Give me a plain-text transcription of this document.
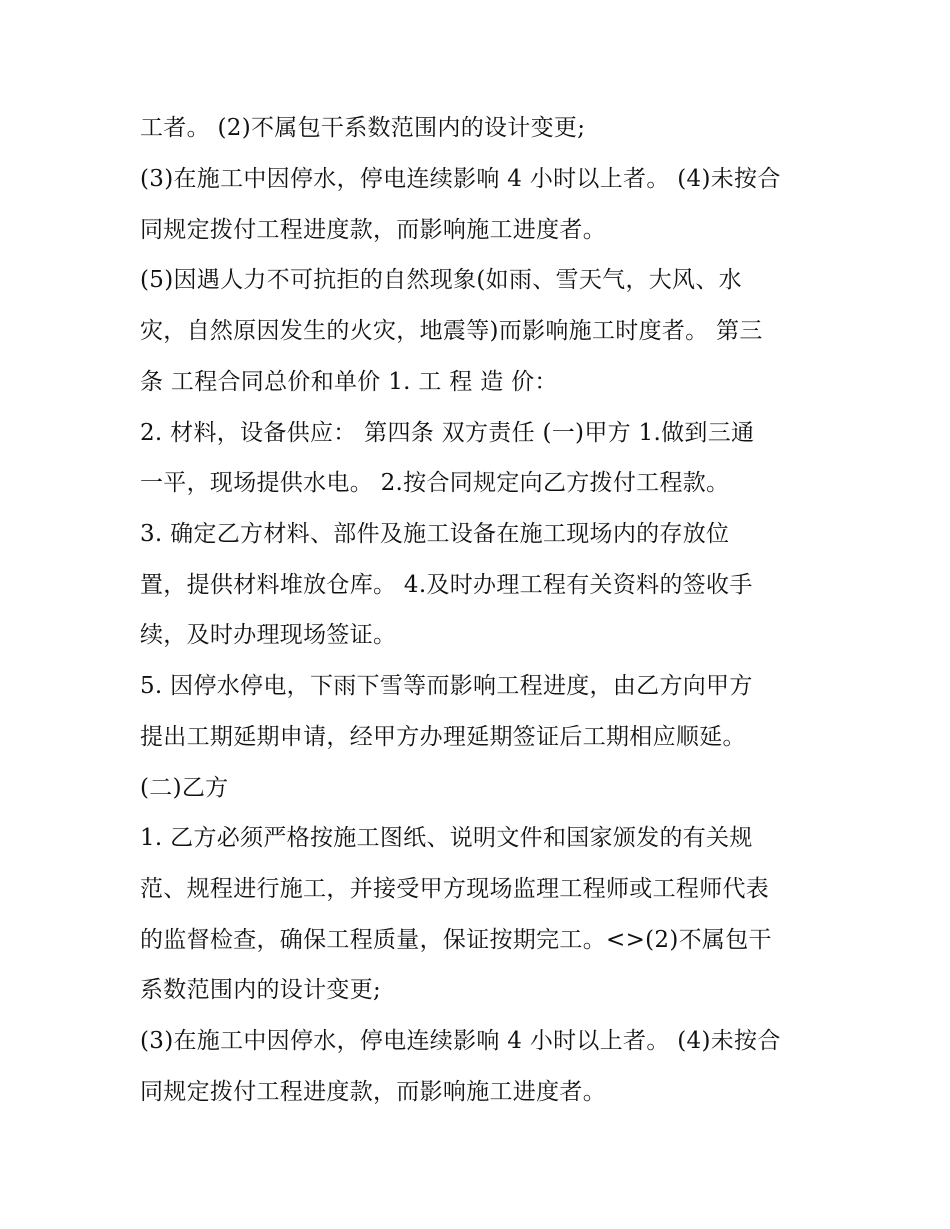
工者。 (2)不属包干系数范围内的设计变更;
(3)在施工中因停水，停电连续影响 4 小时以上者。 (4)未按合
同规定拨付工程进度款，而影响施工进度者。
(5)因遇人力不可抗拒的自然现象(如雨、雪天气，大风、水
灾，自然原因发生的火灾，地震等)而影响施工时度者。 第三
条 工程合同总价和单价 1. 工 程 造 价：
2. 材料，设备供应： 第四条 双方责任 (一)甲方 1.做到三通
一平，现场提供水电。 2.按合同规定向乙方拨付工程款。
3. 确定乙方材料、部件及施工设备在施工现场内的存放位
置，提供材料堆放仓库。 4.及时办理工程有关资料的签收手
续，及时办理现场签证。
5. 因停水停电，下雨下雪等而影响工程进度，由乙方向甲方
提出工期延期申请，经甲方办理延期签证后工期相应顺延。
(二)乙方
1. 乙方必须严格按施工图纸、说明文件和国家颁发的有关规
范、规程进行施工，并接受甲方现场监理工程师或工程师代表
的监督检查，确保工程质量，保证按期完工。<>(2)不属包干
系数范围内的设计变更;
(3)在施工中因停水，停电连续影响 4 小时以上者。 (4)未按合
同规定拨付工程进度款，而影响施工进度者。
